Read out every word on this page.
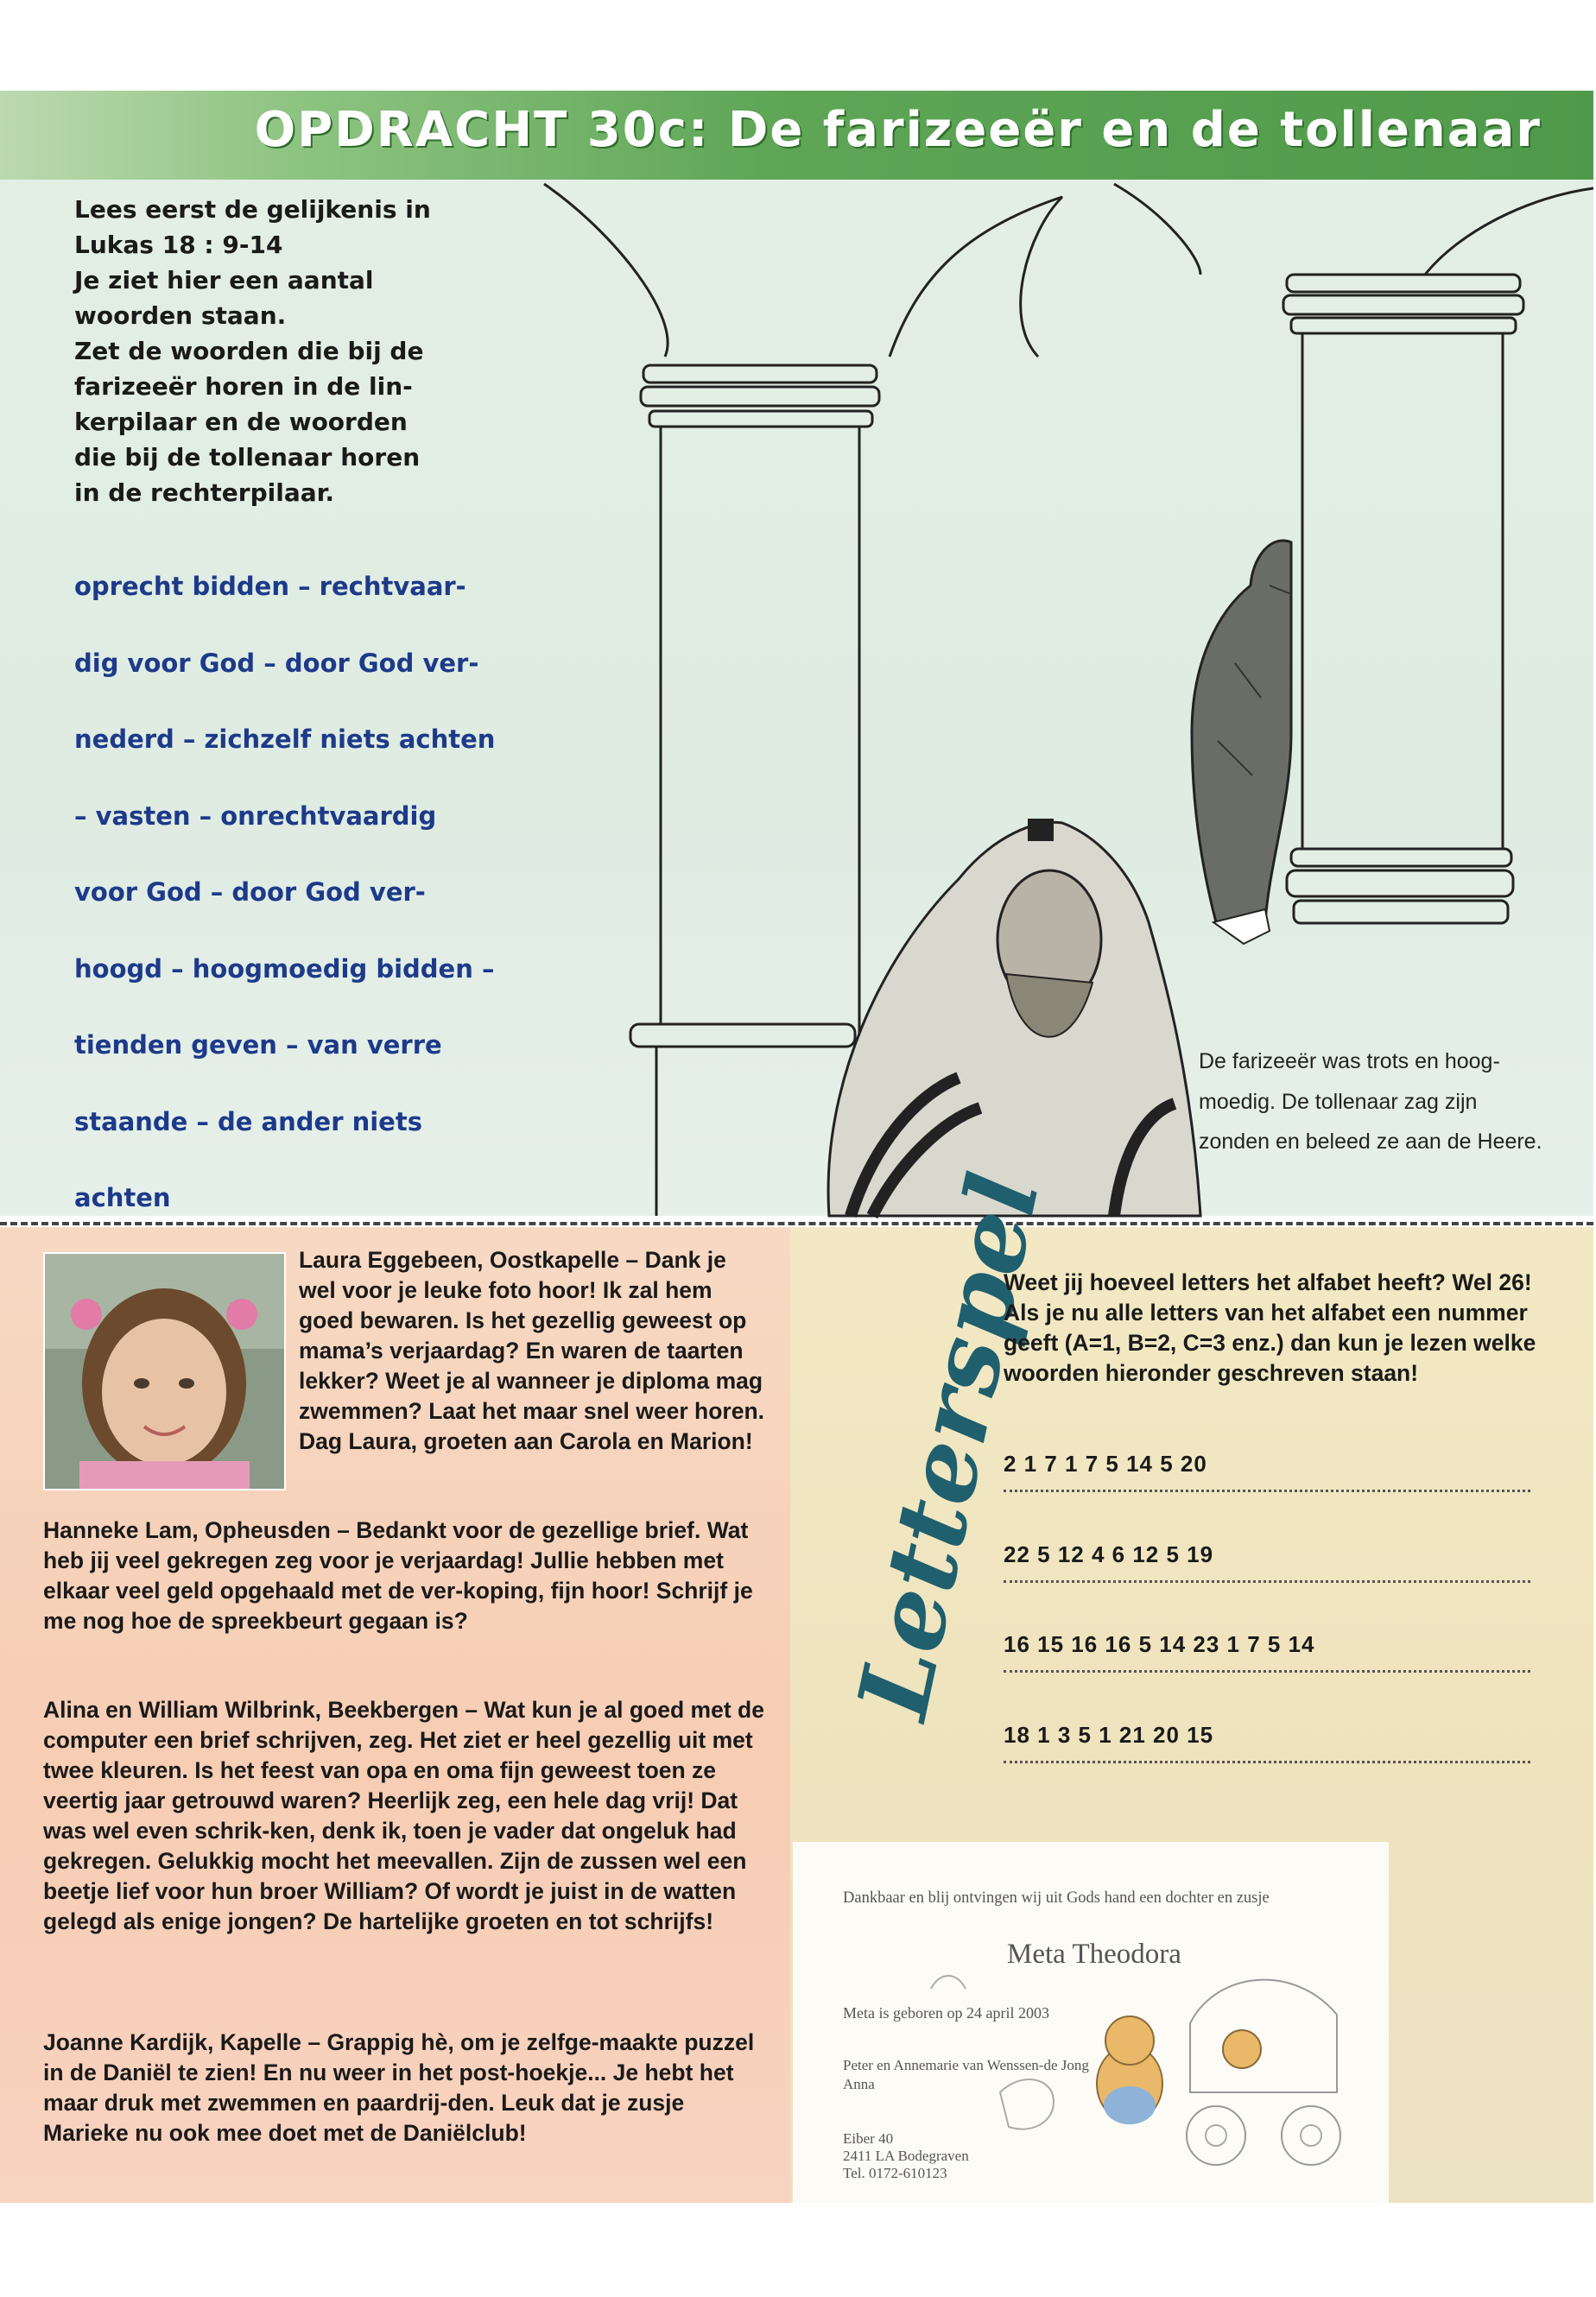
OPDRACHT 30c: De farizeeër en de tollenaar

Lees eerst de gelijkenis in

Lukas 18 : 9-14

Je ziet hier een aantal

woorden staan.

Zet de woorden die bij de

farizeeër horen in de lin-

kerpilaar en de woorden

die bij de tollenaar horen

in de rechterpilaar.

oprecht bidden – rechtvaar-
dig voor God – door God ver-
nederd – zichzelf niets achten
– vasten – onrechtvaardig
voor God – door God ver-
hoogd – hoogmoedig bidden –
tienden geven – van verre
staande – de ander niets
achten
De farizeeër was trots en hoog-
moedig. De tollenaar zag zijn
zonden en beleed ze aan de Heere.
Laura Eggebeen, Oostkapelle – Dank je wel voor je leuke foto hoor! Ik zal hem goed bewaren. Is het gezellig geweest op mama’s verjaardag? En waren de taarten lekker? Weet je al wanneer je diploma mag zwemmen? Laat het maar snel weer horen. Dag Laura, groeten aan Carola en Marion!
Hanneke Lam, Opheusden – Bedankt voor de gezellige brief. Wat heb jij veel gekregen zeg voor je verjaardag! Jullie hebben met elkaar veel geld opgehaald met de ver-koping, fijn hoor! Schrijf je me nog hoe de spreekbeurt gegaan is?
Alina en William Wilbrink, Beekbergen – Wat kun je al goed met de computer een brief schrijven, zeg. Het ziet er heel gezellig uit met twee kleuren. Is het feest van opa en oma fijn geweest toen ze veertig jaar getrouwd waren? Heerlijk zeg, een hele dag vrij! Dat was wel even schrik-ken, denk ik, toen je vader dat ongeluk had gekregen. Gelukkig mocht het meevallen. Zijn de zussen wel een beetje lief voor hun broer William? Of wordt je juist in de watten gelegd als enige jongen? De hartelijke groeten en tot schrijfs!
Joanne Kardijk, Kapelle – Grappig hè, om je zelfge-maakte puzzel in de Daniël te zien! En nu weer in het post-hoekje... Je hebt het maar druk met zwemmen en paardrij-den. Leuk dat je zusje Marieke nu ook mee doet met de Daniëlclub!
Letterspel

Weet jij hoeveel letters het alfabet heeft? Wel 26! Als je nu alle letters van het alfabet een nummer geeft (A=1, B=2, C=3 enz.) dan kun je lezen welke woorden hieronder geschreven staan!

2 1 7 1 7 5 14 5 20
22 5 12 4 6 12 5 19
16 15 16 16 5 14 23 1 7 5 14
18 1 3 5 1 21 20 15
Dankbaar en blij ontvingen wij uit Gods hand een dochter en zusje
Meta Theodora
Meta is geboren op 24 april 2003
Peter en Annemarie van Wenssen-de Jong
Anna
Eiber 40
2411 LA Bodegraven
Tel. 0172-610123
